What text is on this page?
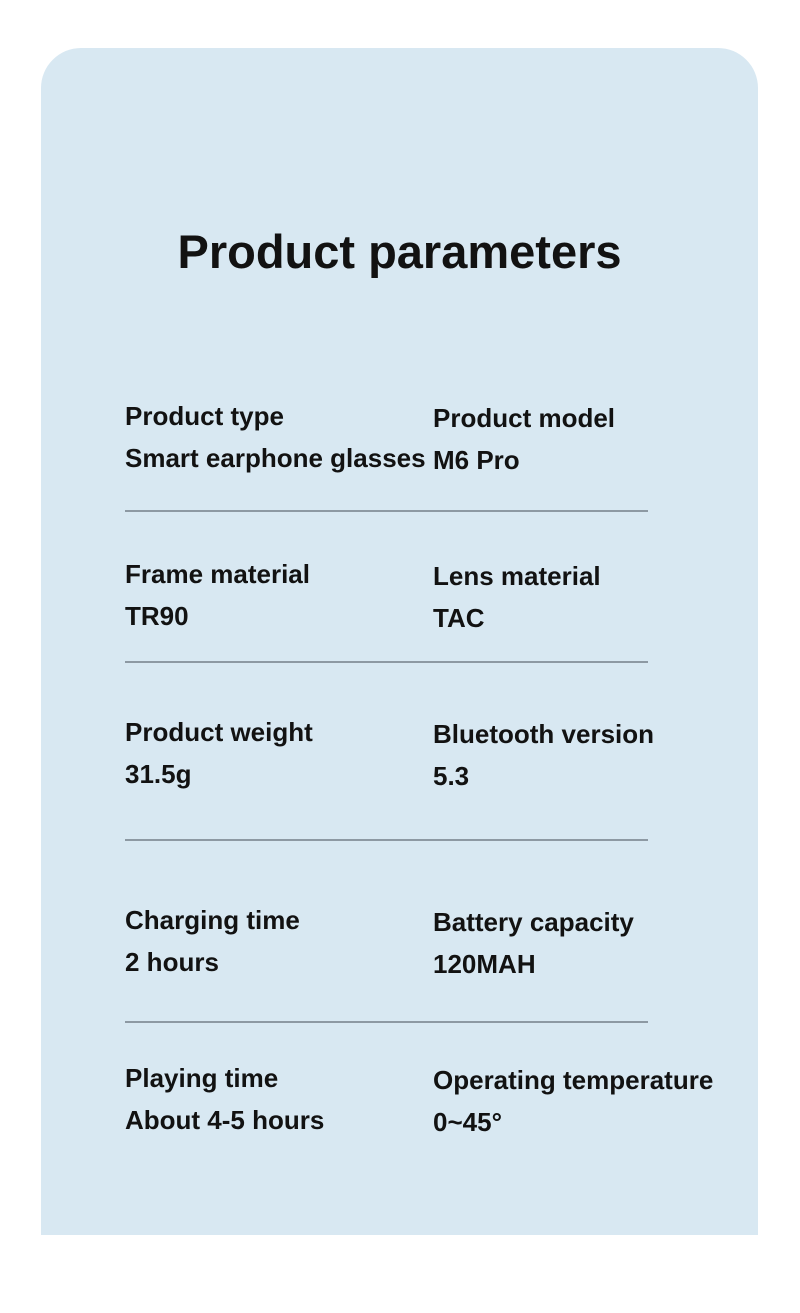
Product parameters
Product type
Smart earphone glasses
Product model
M6 Pro
Frame material
TR90
Lens material
TAC
Product weight
31.5g
Bluetooth version
5.3
Charging time
2 hours
Battery capacity
120MAH
Playing time
About 4-5 hours
Operating temperature
0~45°
